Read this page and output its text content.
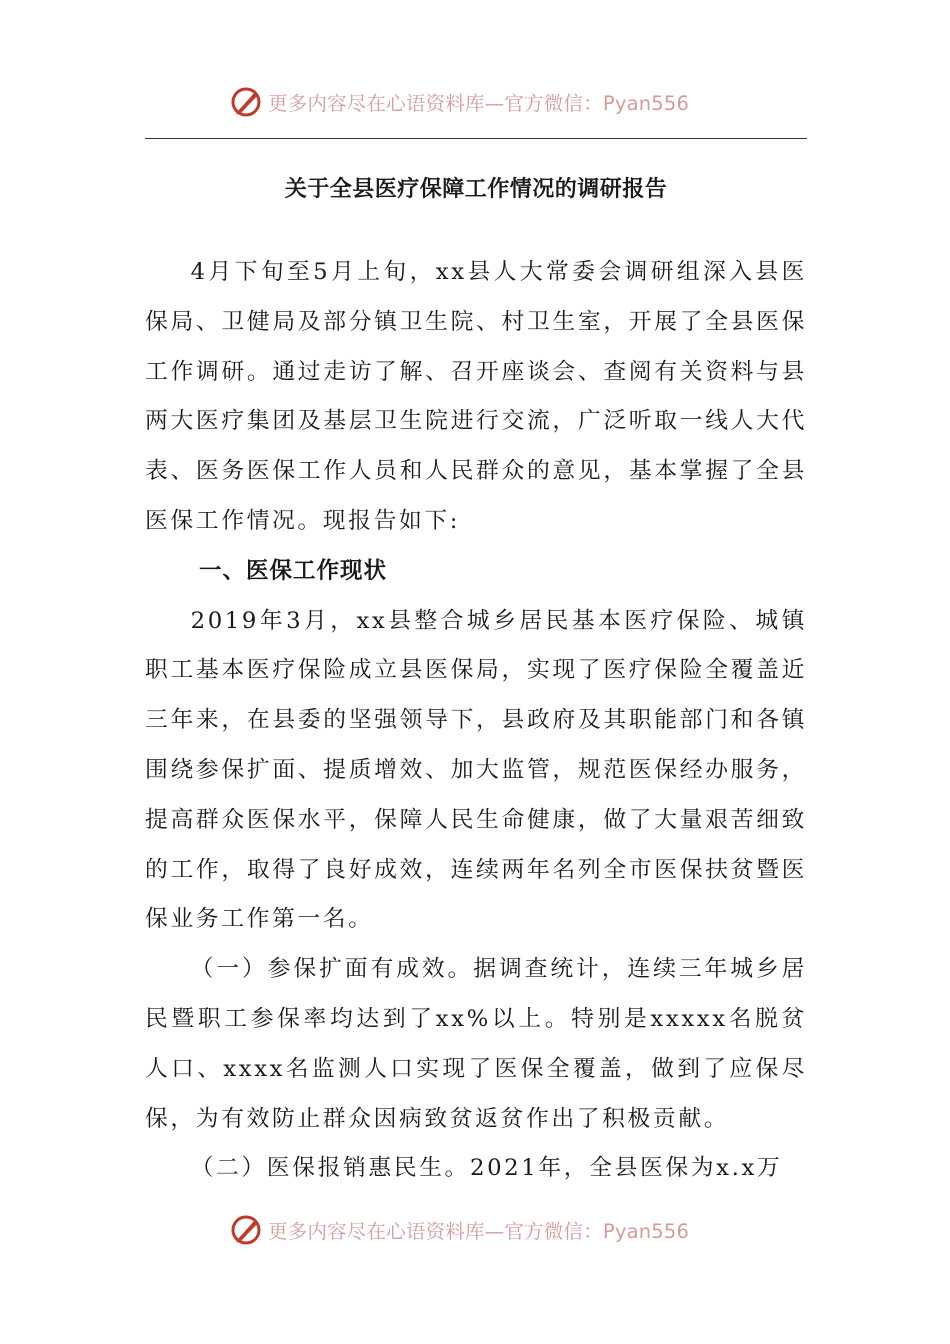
更多内容尽在心语资料库—官方微信：Pyan556
关于全县医疗保障工作情况的调研报告

4月下旬至5月上旬，xx县人大常委会调研组深入县医保局、卫健局及部分镇卫生院、村卫生室，开展了全县医保工作调研。通过走访了解、召开座谈会、查阅有关资料与县两大医疗集团及基层卫生院进行交流，广泛听取一线人大代表、医务医保工作人员和人民群众的意见，基本掌握了全县医保工作情况。现报告如下:

一、医保工作现状

2019年3月，xx县整合城乡居民基本医疗保险、城镇职工基本医疗保险成立县医保局，实现了医疗保险全覆盖近三年来，在县委的坚强领导下，县政府及其职能部门和各镇围绕参保扩面、提质增效、加大监管，规范医保经办服务，提高群众医保水平，保障人民生命健康，做了大量艰苦细致的工作，取得了良好成效，连续两年名列全市医保扶贫暨医保业务工作第一名。

（一）参保扩面有成效。据调查统计，连续三年城乡居民暨职工参保率均达到了xx%以上。特别是xxxxx名脱贫人口、xxxx名监测人口实现了医保全覆盖，做到了应保尽保，为有效防止群众因病致贫返贫作出了积极贡献。

（二）医保报销惠民生。2021年，全县医保为x.x万

更多内容尽在心语资料库—官方微信：Pyan556
